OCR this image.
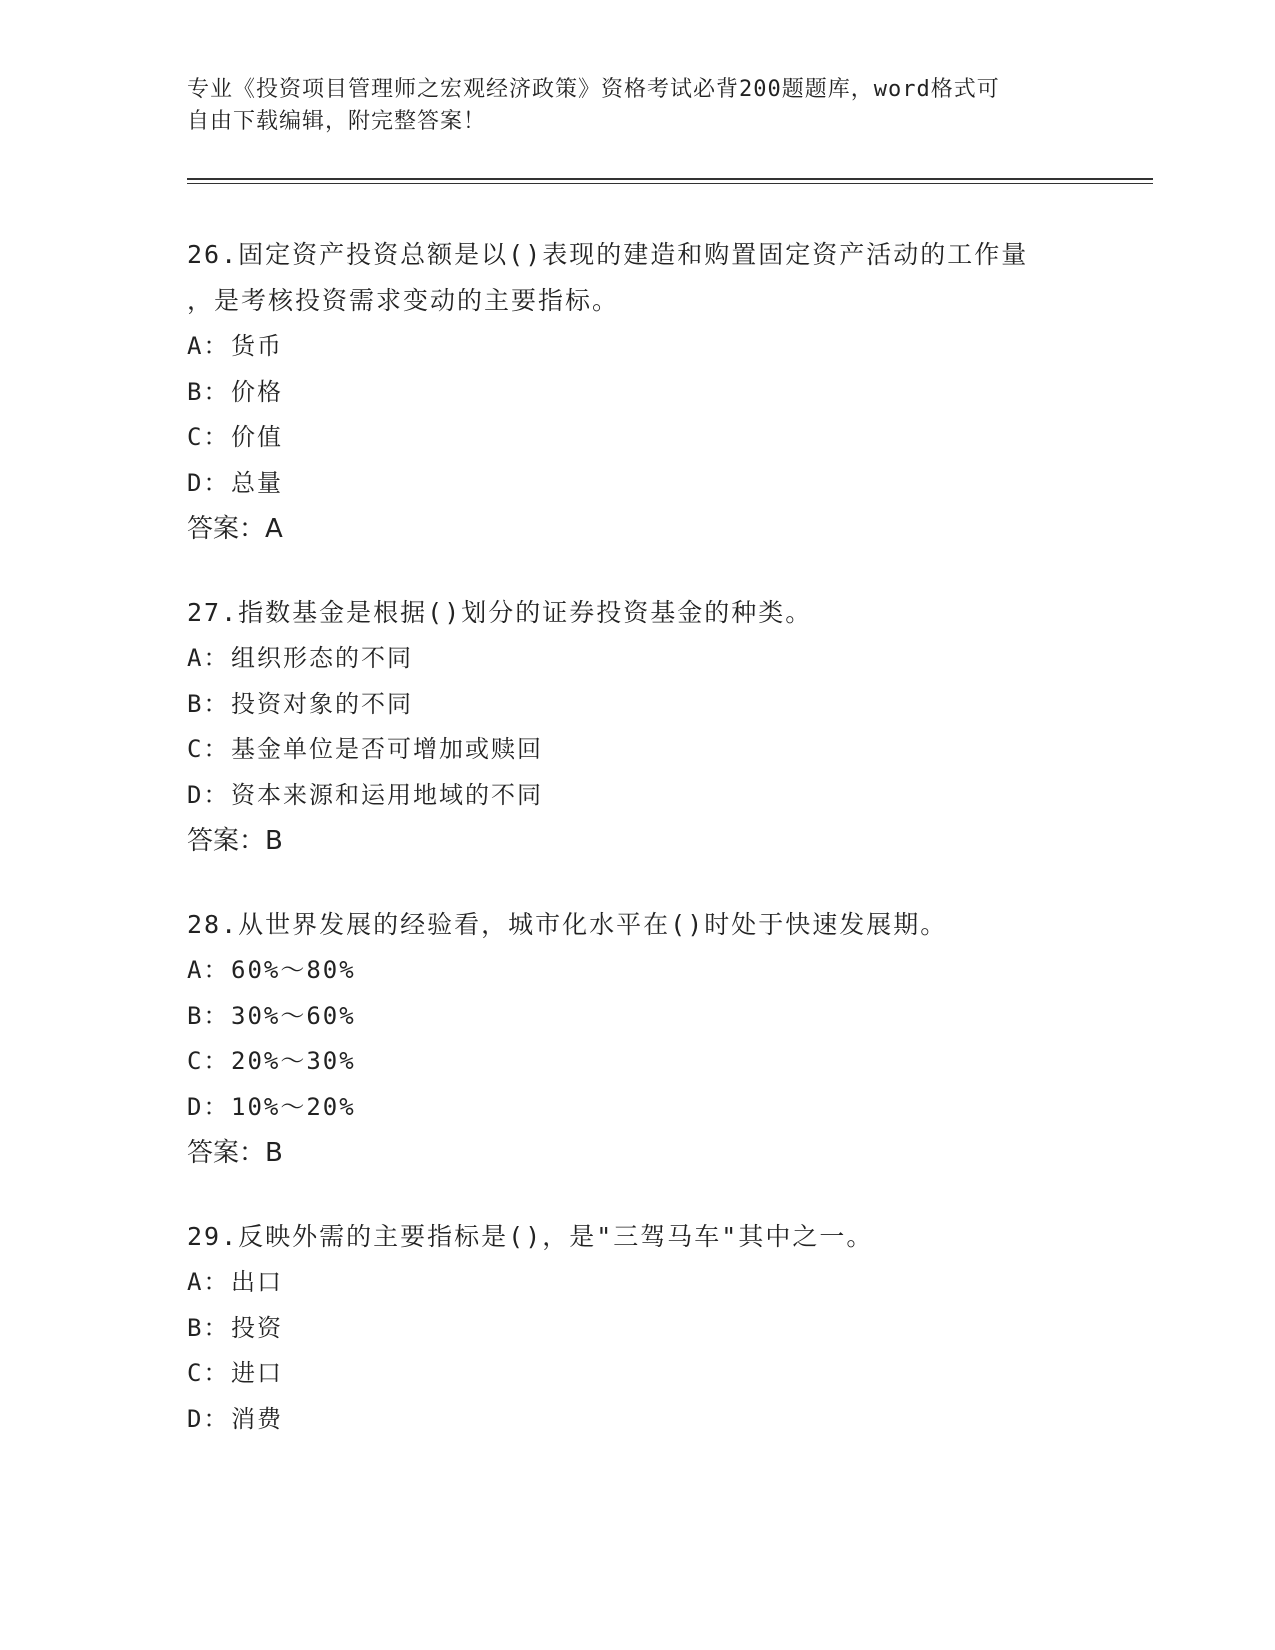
专业《投资项目管理师之宏观经济政策》资格考试必背200题题库，word格式可
自由下载编辑，附完整答案！
26.固定资产投资总额是以()表现的建造和购置固定资产活动的工作量
，是考核投资需求变动的主要指标。
A：货币
B：价格
C：价值
D：总量
答案：A
27.指数基金是根据()划分的证券投资基金的种类。
A：组织形态的不同
B：投资对象的不同
C：基金单位是否可增加或赎回
D：资本来源和运用地域的不同
答案：B
28.从世界发展的经验看，城市化水平在()时处于快速发展期。
A：60%～80%
B：30%～60%
C：20%～30%
D：10%～20%
答案：B
29.反映外需的主要指标是()，是"三驾马车"其中之一。
A：出口
B：投资
C：进口
D：消费
